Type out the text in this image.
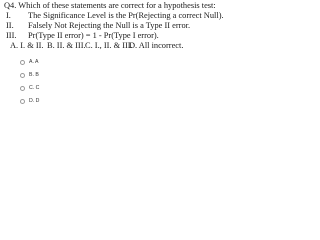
Q4. Which of these statements are correct for a hypothesis test:
I. The Significance Level is the Pr(Rejecting a correct Null).
II. Falsely Not Rejecting the Null is a Type II error.
III. Pr(Type II error) = 1 - Pr(Type I error).
A. I. & II. B. II. & III.C. I., II. & III.D. All incorrect.
A. A
B. B
C. C
D. D
